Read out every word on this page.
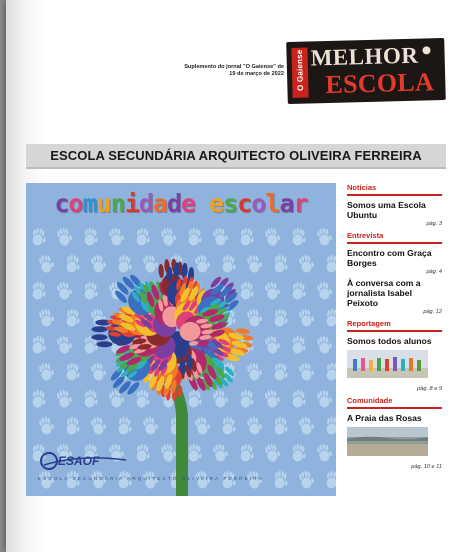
Suplemento do jornal "O Gaiense" de
19 de março de 2022 O Gaiense MELHOR
ESCOLA
ESCOLA SECUNDÁRIA ARQUITECTO OLIVEIRA FERREIRA
comunidade escolar
ESAOF
ESCOLA SECUNDÁRIA ARQUITECTO OLIVEIRA FERREIRA
Notícias
Somos uma Escola Ubuntu
pág. 3
Entrevista
Encontro com Graça Borges
pág. 4
À conversa com a jornalista Isabel Peixoto
pág. 12
Reportagem
Somos todos alunos
pág. 8 e 9
Comunidade
A Praia das Rosas
pág. 10 e 11
